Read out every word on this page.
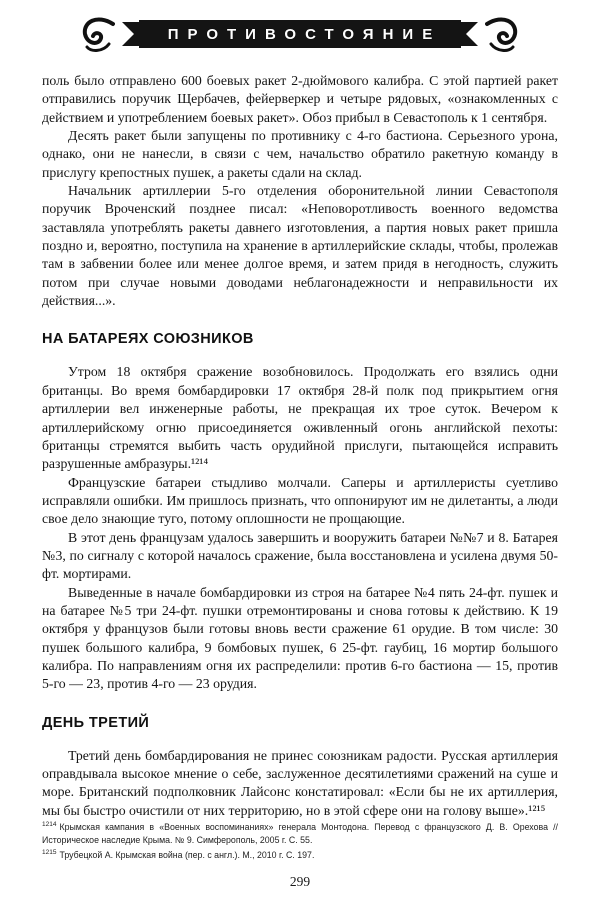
ПРОТИВОСТОЯНИЕ

поль было отправлено 600 боевых ракет 2-дюймового калибра. С этой партией ракет отправились поручик Щербачев, фейерверкер и четыре рядовых, «ознакомленных с действием и употреблением боевых ракет». Обоз прибыл в Севастополь к 1 сентября.

Десять ракет были запущены по противнику с 4-го бастиона. Серьезного урона, однако, они не нанесли, в связи с чем, начальство обратило ракетную команду в прислугу крепостных пушек, а ракеты сдали на склад.

Начальник артиллерии 5-го отделения оборонительной линии Севастополя поручик Вроченский позднее писал: «Неповоротливость военного ведомства заставляла употреблять ракеты давнего изготовления, а партия новых ракет пришла поздно и, вероятно, поступила на хранение в артиллерийские склады, чтобы, пролежав там в забвении более или менее долгое время, и затем придя в негодность, служить потом при случае новыми доводами неблагонадежности и неправильности их действия...».

НА БАТАРЕЯХ СОЮЗНИКОВ

Утром 18 октября сражение возобновилось. Продолжать его взялись одни британцы. Во время бомбардировки 17 октября 28-й полк под прикрытием огня артиллерии вел инженерные работы, не прекращая их трое суток. Вечером к артиллерийскому огню присоединяется оживленный огонь английской пехоты: британцы стремятся выбить часть орудийной прислуги, пытающейся исправить разрушенные амбразуры.¹²¹⁴

Французские батареи стыдливо молчали. Саперы и артиллеристы суетливо исправляли ошибки. Им пришлось признать, что оппонируют им не дилетанты, а люди свое дело знающие туго, потому оплошности не прощающие.

В этот день французам удалось завершить и вооружить батареи №№7 и 8. Батарея №3, по сигналу с которой началось сражение, была восстановлена и усилена двумя 50-фт. мортирами.

Выведенные в начале бомбардировки из строя на батарее №4 пять 24-фт. пушек и на батарее №5 три 24-фт. пушки отремонтированы и снова готовы к действию. К 19 октября у французов были готовы вновь вести сражение 61 орудие. В том числе: 30 пушек большого калибра, 9 бомбовых пушек, 6 25-фт. гаубиц, 16 мортир большого калибра. По направлениям огня их распределили: против 6-го бастиона — 15, против 5-го — 23, против 4-го — 23 орудия.

ДЕНЬ ТРЕТИЙ

Третий день бомбардирования не принес союзникам радости. Русская артиллерия оправдывала высокое мнение о себе, заслуженное десятилетиями сражений на суше и море. Британский подполковник Лайсонс констатировал: «Если бы не их артиллерия, мы бы быстро очистили от них территорию, но в этой сфере они на голову выше».¹²¹⁵

$^{1214}$ Крымская кампания в «Военных воспоминаниях» генерала Монтодона. Перевод с французского Д. В. Орехова // Историческое наследие Крыма. № 9. Симферополь, 2005 г. С. 55.

$^{1215}$ Трубецкой А. Крымская война (пер. с англ.). М., 2010 г. С. 197.

299
